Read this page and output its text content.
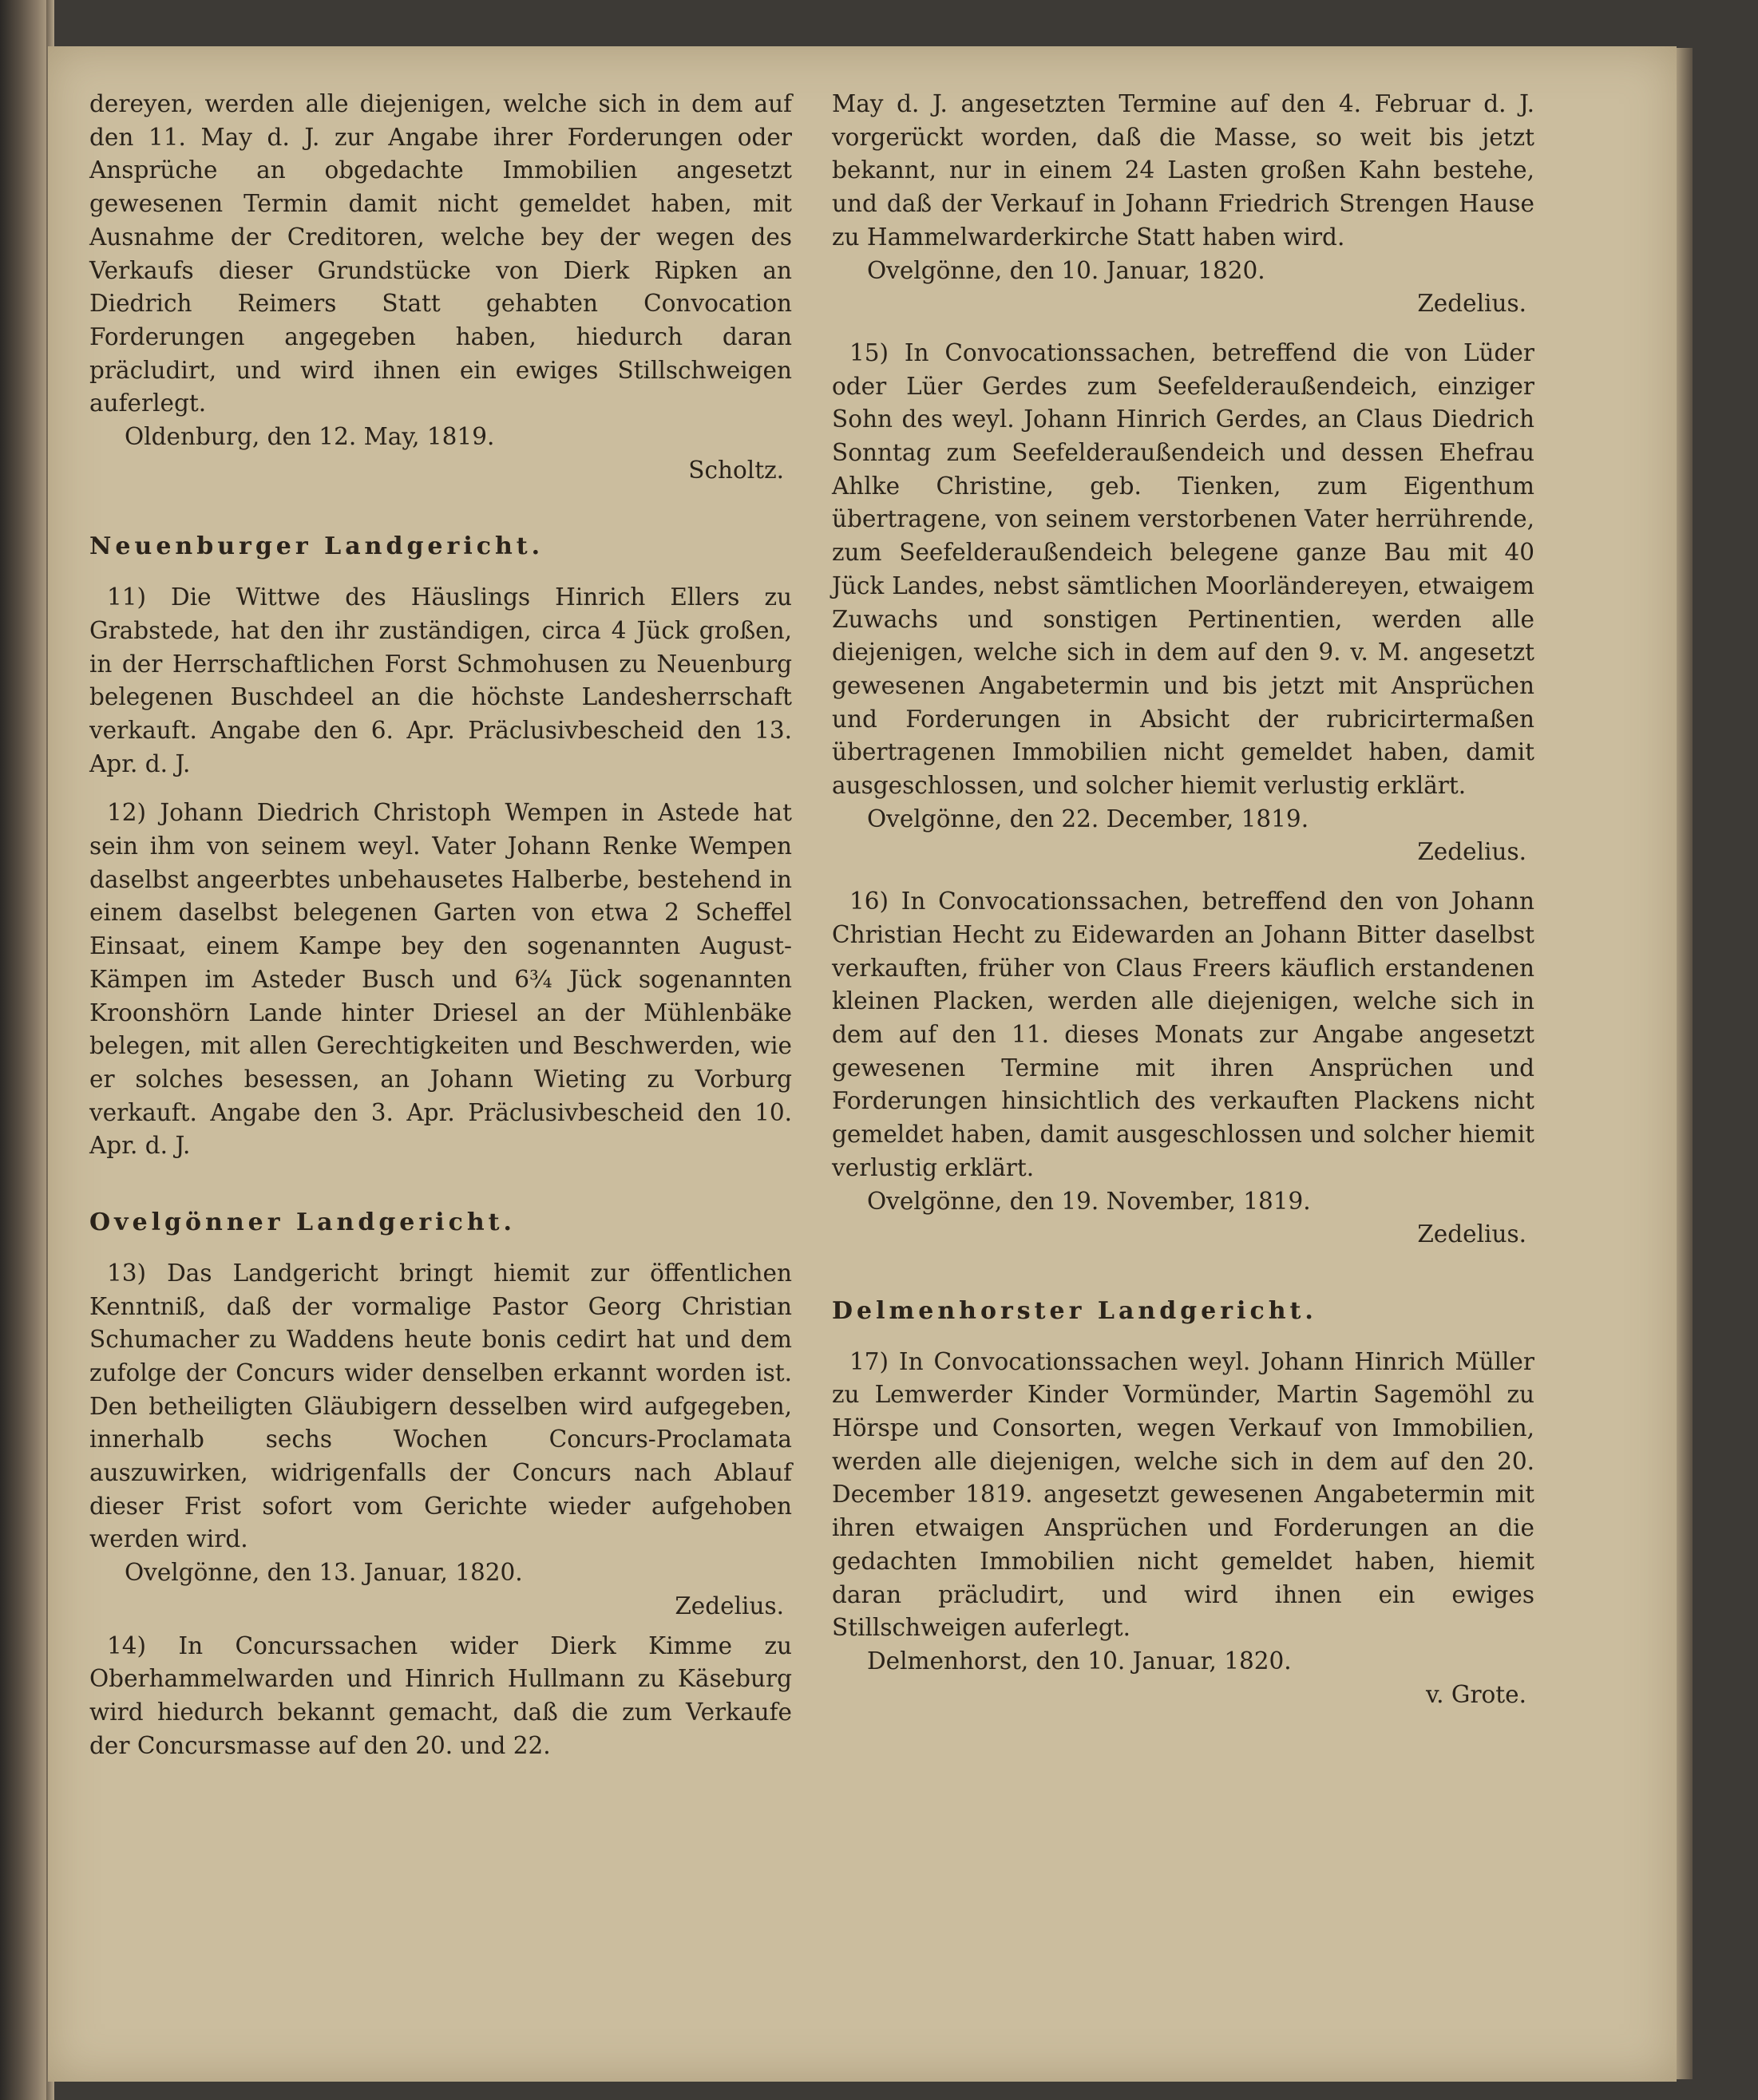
dereyen, werden alle diejenigen, welche sich in dem auf den 11. May d. J. zur Angabe ihrer Forderungen oder Ansprüche an obgedachte Immobilien angesetzt gewesenen Termin damit nicht gemeldet haben, mit Ausnahme der Creditoren, welche bey der wegen des Verkaufs dieser Grundstücke von Dierk Ripken an Diedrich Reimers Statt gehabten Convocation Forderungen angegeben haben, hiedurch daran präcludirt, und wird ihnen ein ewiges Stillschweigen auferlegt.

Oldenburg, den 12. May, 1819.

Scholtz.

Neuenburger Landgericht.

11) Die Wittwe des Häuslings Hinrich Ellers zu Grabstede, hat den ihr zuständigen, circa 4 Jück großen, in der Herrschaftlichen Forst Schmohusen zu Neuenburg belegenen Buschdeel an die höchste Landesherrschaft verkauft. Angabe den 6. Apr. Präclusivbescheid den 13. Apr. d. J.

12) Johann Diedrich Christoph Wempen in Astede hat sein ihm von seinem weyl. Vater Johann Renke Wempen daselbst angeerbtes unbehausetes Halberbe, bestehend in einem daselbst belegenen Garten von etwa 2 Scheffel Einsaat, einem Kampe bey den sogenannten August-Kämpen im Asteder Busch und 6¾ Jück sogenannten Kroonshörn Lande hinter Driesel an der Mühlenbäke belegen, mit allen Gerechtigkeiten und Beschwerden, wie er solches besessen, an Johann Wieting zu Vorburg verkauft. Angabe den 3. Apr. Präclusivbescheid den 10. Apr. d. J.

Ovelgönner Landgericht.

13) Das Landgericht bringt hiemit zur öffentlichen Kenntniß, daß der vormalige Pastor Georg Christian Schumacher zu Waddens heute bonis cedirt hat und dem zufolge der Concurs wider denselben erkannt worden ist. Den betheiligten Gläubigern desselben wird aufgegeben, innerhalb sechs Wochen Concurs-Proclamata auszuwirken, widrigenfalls der Concurs nach Ablauf dieser Frist sofort vom Gerichte wieder aufgehoben werden wird.

Ovelgönne, den 13. Januar, 1820.

Zedelius.

14) In Concurssachen wider Dierk Kimme zu Oberhammelwarden und Hinrich Hullmann zu Käseburg wird hiedurch bekannt gemacht, daß die zum Verkaufe der Concursmasse auf den 20. und 22.

May d. J. angesetzten Termine auf den 4. Februar d. J. vorgerückt worden, daß die Masse, so weit bis jetzt bekannt, nur in einem 24 Lasten großen Kahn bestehe, und daß der Verkauf in Johann Friedrich Strengen Hause zu Hammelwarderkirche Statt haben wird.

Ovelgönne, den 10. Januar, 1820.

Zedelius.

15) In Convocationssachen, betreffend die von Lüder oder Lüer Gerdes zum Seefelderaußendeich, einziger Sohn des weyl. Johann Hinrich Gerdes, an Claus Diedrich Sonntag zum Seefelderaußendeich und dessen Ehefrau Ahlke Christine, geb. Tienken, zum Eigenthum übertragene, von seinem verstorbenen Vater herrührende, zum Seefelderaußendeich belegene ganze Bau mit 40 Jück Landes, nebst sämtlichen Moorländereyen, etwaigem Zuwachs und sonstigen Pertinentien, werden alle diejenigen, welche sich in dem auf den 9. v. M. angesetzt gewesenen Angabetermin und bis jetzt mit Ansprüchen und Forderungen in Absicht der rubricirtermaßen übertragenen Immobilien nicht gemeldet haben, damit ausgeschlossen, und solcher hiemit verlustig erklärt.

Ovelgönne, den 22. December, 1819.

Zedelius.

16) In Convocationssachen, betreffend den von Johann Christian Hecht zu Eidewarden an Johann Bitter daselbst verkauften, früher von Claus Freers käuflich erstandenen kleinen Placken, werden alle diejenigen, welche sich in dem auf den 11. dieses Monats zur Angabe angesetzt gewesenen Termine mit ihren Ansprüchen und Forderungen hinsichtlich des verkauften Plackens nicht gemeldet haben, damit ausgeschlossen und solcher hiemit verlustig erklärt.

Ovelgönne, den 19. November, 1819.

Zedelius.

Delmenhorster Landgericht.

17) In Convocationssachen weyl. Johann Hinrich Müller zu Lemwerder Kinder Vormünder, Martin Sagemöhl zu Hörspe und Consorten, wegen Verkauf von Immobilien, werden alle diejenigen, welche sich in dem auf den 20. December 1819. angesetzt gewesenen Angabetermin mit ihren etwaigen Ansprüchen und Forderungen an die gedachten Immobilien nicht gemeldet haben, hiemit daran präcludirt, und wird ihnen ein ewiges Stillschweigen auferlegt.

Delmenhorst, den 10. Januar, 1820.

v. Grote.
